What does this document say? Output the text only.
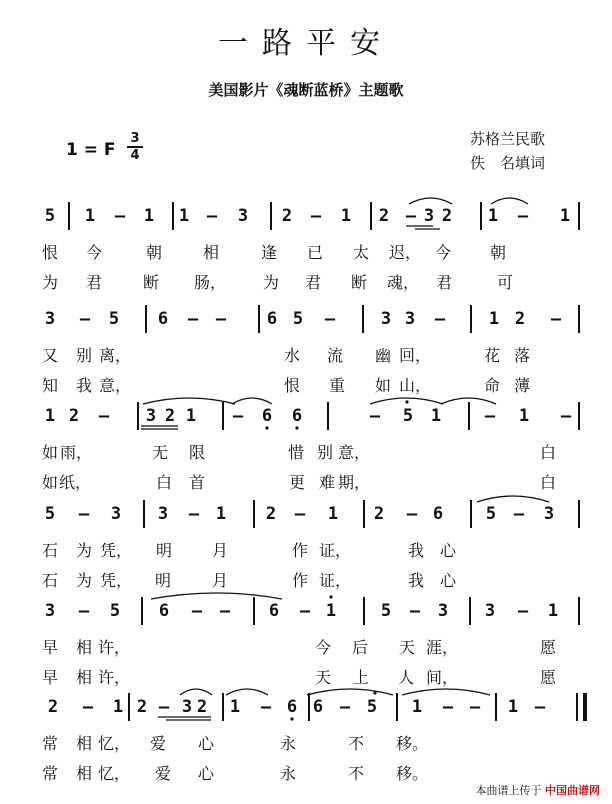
一路平安
美国影片《魂断蓝桥》主题歌
1 = F
3
4
苏格兰民歌
佚　名填词
5 1 – 1 1 – 3 2 – 1 2 – 3 2 1 – 1
恨 今	朝	相	逢 已 太 迟， 今 朝
为 君	断 肠， 为 君 断 魂， 君	可
3 – 5 6 – – 6 5 –	3 3 –	1 2 –
又 别 离，	水 流 幽 回，	花 落
知 我 意，	恨 重 如 山，	命 薄
1 2 – 3 2 1 – 6 6	– 5 1	– 1 –
如 雨，	无 限	惜 别 意，	白
如 纸，	白 首	更 难 期，	白
5 – 3 3 – 1 2 – 1 2 – 6	5 – 3
石 为 凭， 明 月	作 证，	我 心
石 为 凭， 明	月	作 证，	我 心
3 – 5 6 – – 6 – 1	5 – 3 3 – 1
早 相 许，	今 后 天 涯，	愿
早 相 许，	天 上 人 间，	愿
2 – 1 2 – 3 2 1 – 6 6 – 5 1 – – 1 –
常 相 忆， 爱 心	永	不 移。
常 相 忆， 爱 心	永	不 移。
本曲谱上传于 中国曲谱网
